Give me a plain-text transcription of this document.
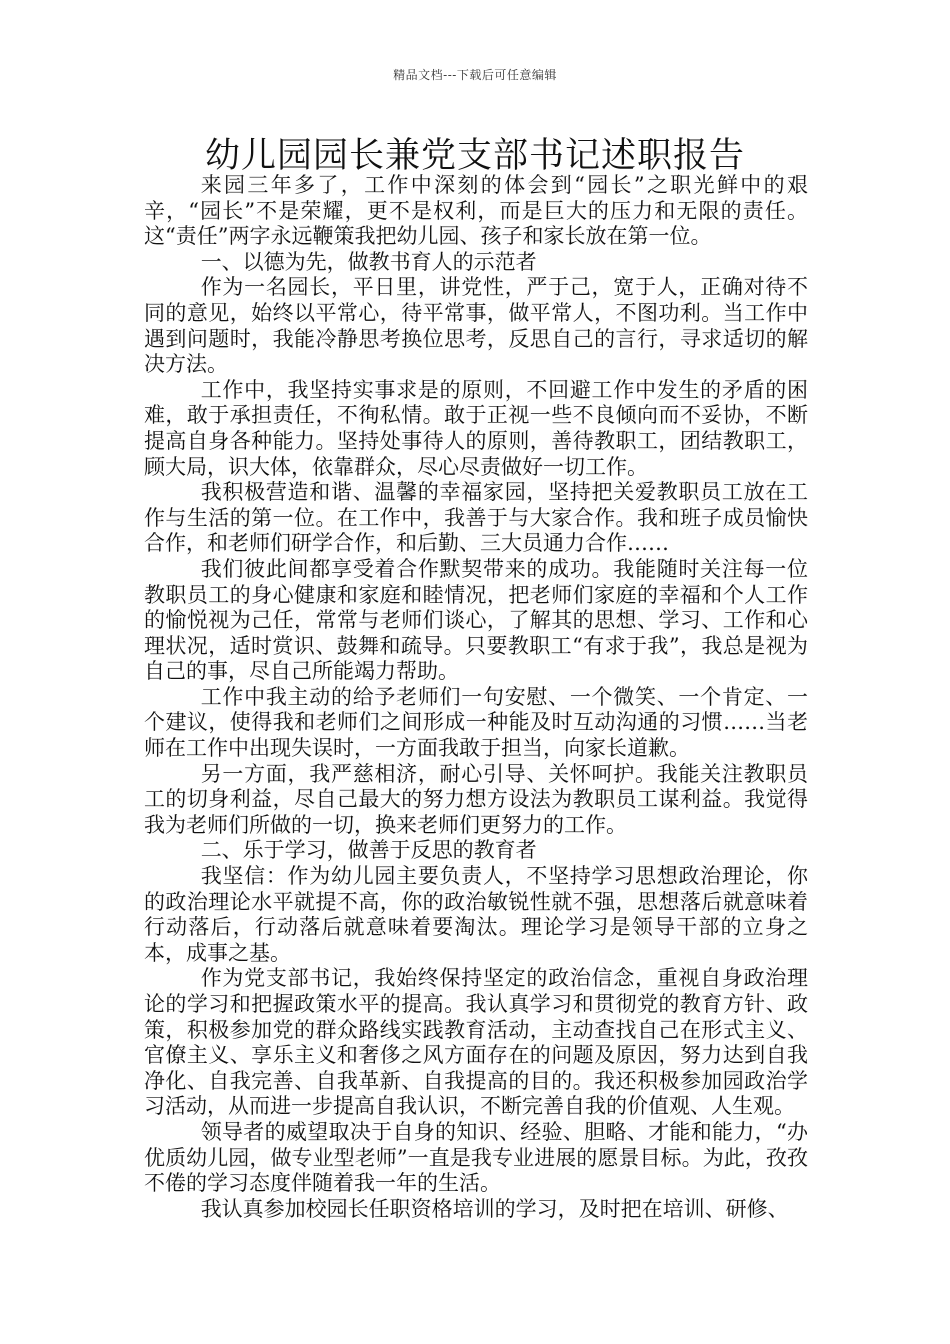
精品文档---下载后可任意编辑
幼儿园园长兼党支部书记述职报告

来园三年多了，工作中深刻的体会到“园长”之职光鲜中的艰辛，“园长”不是荣耀，更不是权利，而是巨大的压力和无限的责任。这“责任”两字永远鞭策我把幼儿园、孩子和家长放在第一位。

一、以德为先，做教书育人的示范者

作为一名园长，平日里，讲党性，严于己，宽于人，正确对待不同的意见，始终以平常心，待平常事，做平常人，不图功利。当工作中遇到问题时，我能冷静思考换位思考，反思自己的言行，寻求适切的解决方法。

工作中，我坚持实事求是的原则，不回避工作中发生的矛盾的困难，敢于承担责任，不徇私情。敢于正视一些不良倾向而不妥协，不断提高自身各种能力。坚持处事待人的原则，善待教职工，团结教职工，顾大局，识大体，依靠群众，尽心尽责做好一切工作。

我积极营造和谐、温馨的幸福家园，坚持把关爱教职员工放在工作与生活的第一位。在工作中，我善于与大家合作。我和班子成员愉快合作，和老师们研学合作，和后勤、三大员通力合作……

我们彼此间都享受着合作默契带来的成功。我能随时关注每一位教职员工的身心健康和家庭和睦情况，把老师们家庭的幸福和个人工作的愉悦视为己任，常常与老师们谈心，了解其的思想、学习、工作和心理状况，适时赏识、鼓舞和疏导。只要教职工“有求于我”，我总是视为自己的事，尽自己所能竭力帮助。

工作中我主动的给予老师们一句安慰、一个微笑、一个肯定、一个建议，使得我和老师们之间形成一种能及时互动沟通的习惯……当老师在工作中出现失误时，一方面我敢于担当，向家长道歉。

另一方面，我严慈相济，耐心引导、关怀呵护。我能关注教职员工的切身利益，尽自己最大的努力想方设法为教职员工谋利益。我觉得我为老师们所做的一切，换来老师们更努力的工作。

二、乐于学习，做善于反思的教育者

我坚信：作为幼儿园主要负责人，不坚持学习思想政治理论，你的政治理论水平就提不高，你的政治敏锐性就不强，思想落后就意味着行动落后，行动落后就意味着要淘汰。理论学习是领导干部的立身之本，成事之基。

作为党支部书记，我始终保持坚定的政治信念，重视自身政治理论的学习和把握政策水平的提高。我认真学习和贯彻党的教育方针、政策，积极参加党的群众路线实践教育活动，主动查找自己在形式主义、官僚主义、享乐主义和奢侈之风方面存在的问题及原因，努力达到自我净化、自我完善、自我革新、自我提高的目的。我还积极参加园政治学习活动，从而进一步提高自我认识，不断完善自我的价值观、人生观。

领导者的威望取决于自身的知识、经验、胆略、才能和能力，“办优质幼儿园，做专业型老师”一直是我专业进展的愿景目标。为此，孜孜不倦的学习态度伴随着我一年的生活。

我认真参加校园长任职资格培训的学习，及时把在培训、研修、
